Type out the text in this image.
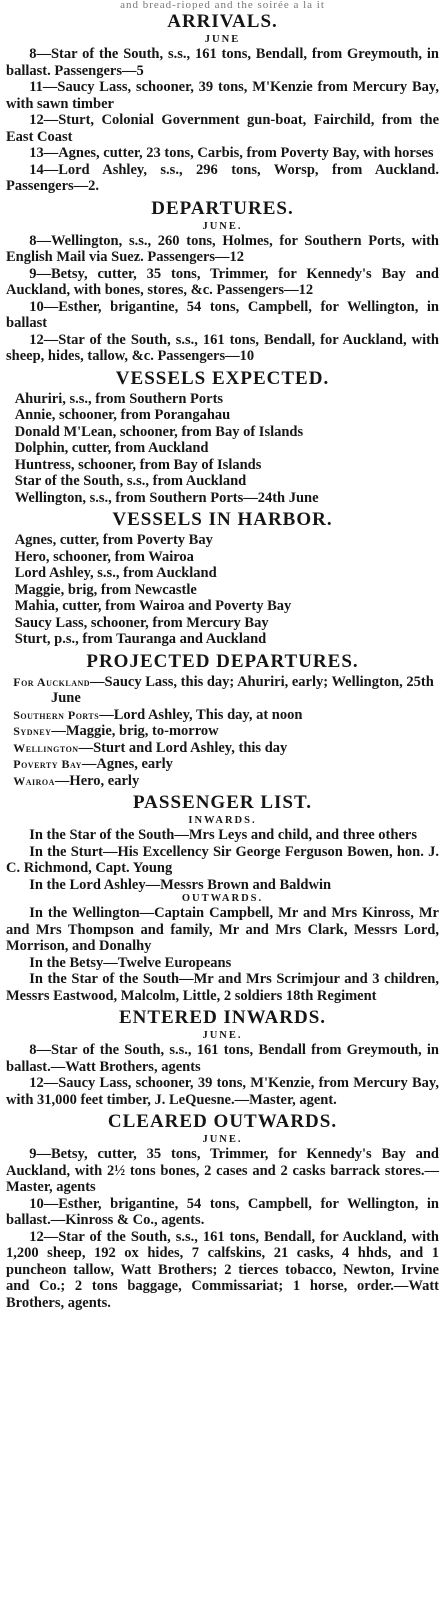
and bread-rioped and the soirée a la it
ARRIVALS.
JUNE
8—Star of the South, s.s., 161 tons, Bendall, from Greymouth, in ballast. Passengers—5
11—Saucy Lass, schooner, 39 tons, M'Kenzie from Mercury Bay, with sawn timber
12—Sturt, Colonial Government gun-boat, Fairchild, from the East Coast
13—Agnes, cutter, 23 tons, Carbis, from Poverty Bay, with horses
14—Lord Ashley, s.s., 296 tons, Worsp, from Auckland. Passengers—2.
DEPARTURES.
JUNE.
8—Wellington, s.s., 260 tons, Holmes, for Southern Ports, with English Mail via Suez. Passengers—12
9—Betsy, cutter, 35 tons, Trimmer, for Kennedy's Bay and Auckland, with bones, stores, &c. Passengers—12
10—Esther, brigantine, 54 tons, Campbell, for Wellington, in ballast
12—Star of the South, s.s., 161 tons, Bendall, for Auckland, with sheep, hides, tallow, &c. Passengers—10
VESSELS EXPECTED.
Ahuriri, s.s., from Southern Ports
Annie, schooner, from Porangahau
Donald M'Lean, schooner, from Bay of Islands
Dolphin, cutter, from Auckland
Huntress, schooner, from Bay of Islands
Star of the South, s.s., from Auckland
Wellington, s.s., from Southern Ports—24th June
VESSELS IN HARBOR.
Agnes, cutter, from Poverty Bay
Hero, schooner, from Wairoa
Lord Ashley, s.s., from Auckland
Maggie, brig, from Newcastle
Mahia, cutter, from Wairoa and Poverty Bay
Saucy Lass, schooner, from Mercury Bay
Sturt, p.s., from Tauranga and Auckland
PROJECTED DEPARTURES.
For Auckland—Saucy Lass, this day; Ahuriri, early; Wellington, 25th June
Southern Ports—Lord Ashley, This day, at noon
Sydney—Maggie, brig, to-morrow
Wellington—Sturt and Lord Ashley, this day
Poverty Bay—Agnes, early
Wairoa—Hero, early
PASSENGER LIST.
INWARDS.
In the Star of the South—Mrs Leys and child, and three others
In the Sturt—His Excellency Sir George Ferguson Bowen, hon. J. C. Richmond, Capt. Young
In the Lord Ashley—Messrs Brown and Baldwin
OUTWARDS.
In the Wellington—Captain Campbell, Mr and Mrs Kinross, Mr and Mrs Thompson and family, Mr and Mrs Clark, Messrs Lord, Morrison, and Donalhy
In the Betsy—Twelve Europeans
In the Star of the South—Mr and Mrs Scrimjour and 3 children, Messrs Eastwood, Malcolm, Little, 2 soldiers 18th Regiment
ENTERED INWARDS.
JUNE.
8—Star of the South, s.s., 161 tons, Bendall from Greymouth, in ballast.—Watt Brothers, agents
12—Saucy Lass, schooner, 39 tons, M'Kenzie, from Mercury Bay, with 31,000 feet timber, J. LeQuesne.—Master, agent.
CLEARED OUTWARDS.
JUNE.
9—Betsy, cutter, 35 tons, Trimmer, for Kennedy's Bay and Auckland, with 2½ tons bones, 2 cases and 2 casks barrack stores.—Master, agents
10—Esther, brigantine, 54 tons, Campbell, for Wellington, in ballast.—Kinross & Co., agents.
12—Star of the South, s.s., 161 tons, Bendall, for Auckland, with 1,200 sheep, 192 ox hides, 7 calfskins, 21 casks, 4 hhds, and 1 puncheon tallow, Watt Brothers; 2 tierces tobacco, Newton, Irvine and Co.; 2 tons baggage, Commissariat; 1 horse, order.—Watt Brothers, agents.
